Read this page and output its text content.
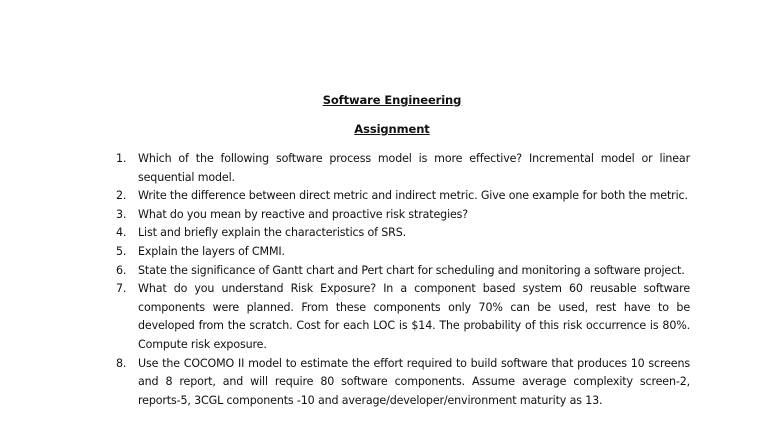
Software Engineering
Assignment
1.	Which of the following software process model is more effective? Incremental model or linear sequential model.
2.	Write the difference between direct metric and indirect metric. Give one example for both the metric.
3.	What do you mean by reactive and proactive risk strategies?
4.	List and briefly explain the characteristics of SRS.
5.	Explain the layers of CMMI.
6.	State the significance of Gantt chart and Pert chart for scheduling and monitoring a software project.
7.	What do you understand Risk Exposure? In a component based system 60 reusable software components were planned. From these components only 70% can be used, rest have to be developed from the scratch. Cost for each LOC is $14. The probability of this risk occurrence is 80%. Compute risk exposure.
8.	Use the COCOMO II model to estimate the effort required to build software that produces 10 screens and 8 report, and will require 80 software components. Assume average complexity screen-2, reports-5, 3CGL components -10 and average/developer/environment maturity as 13.
